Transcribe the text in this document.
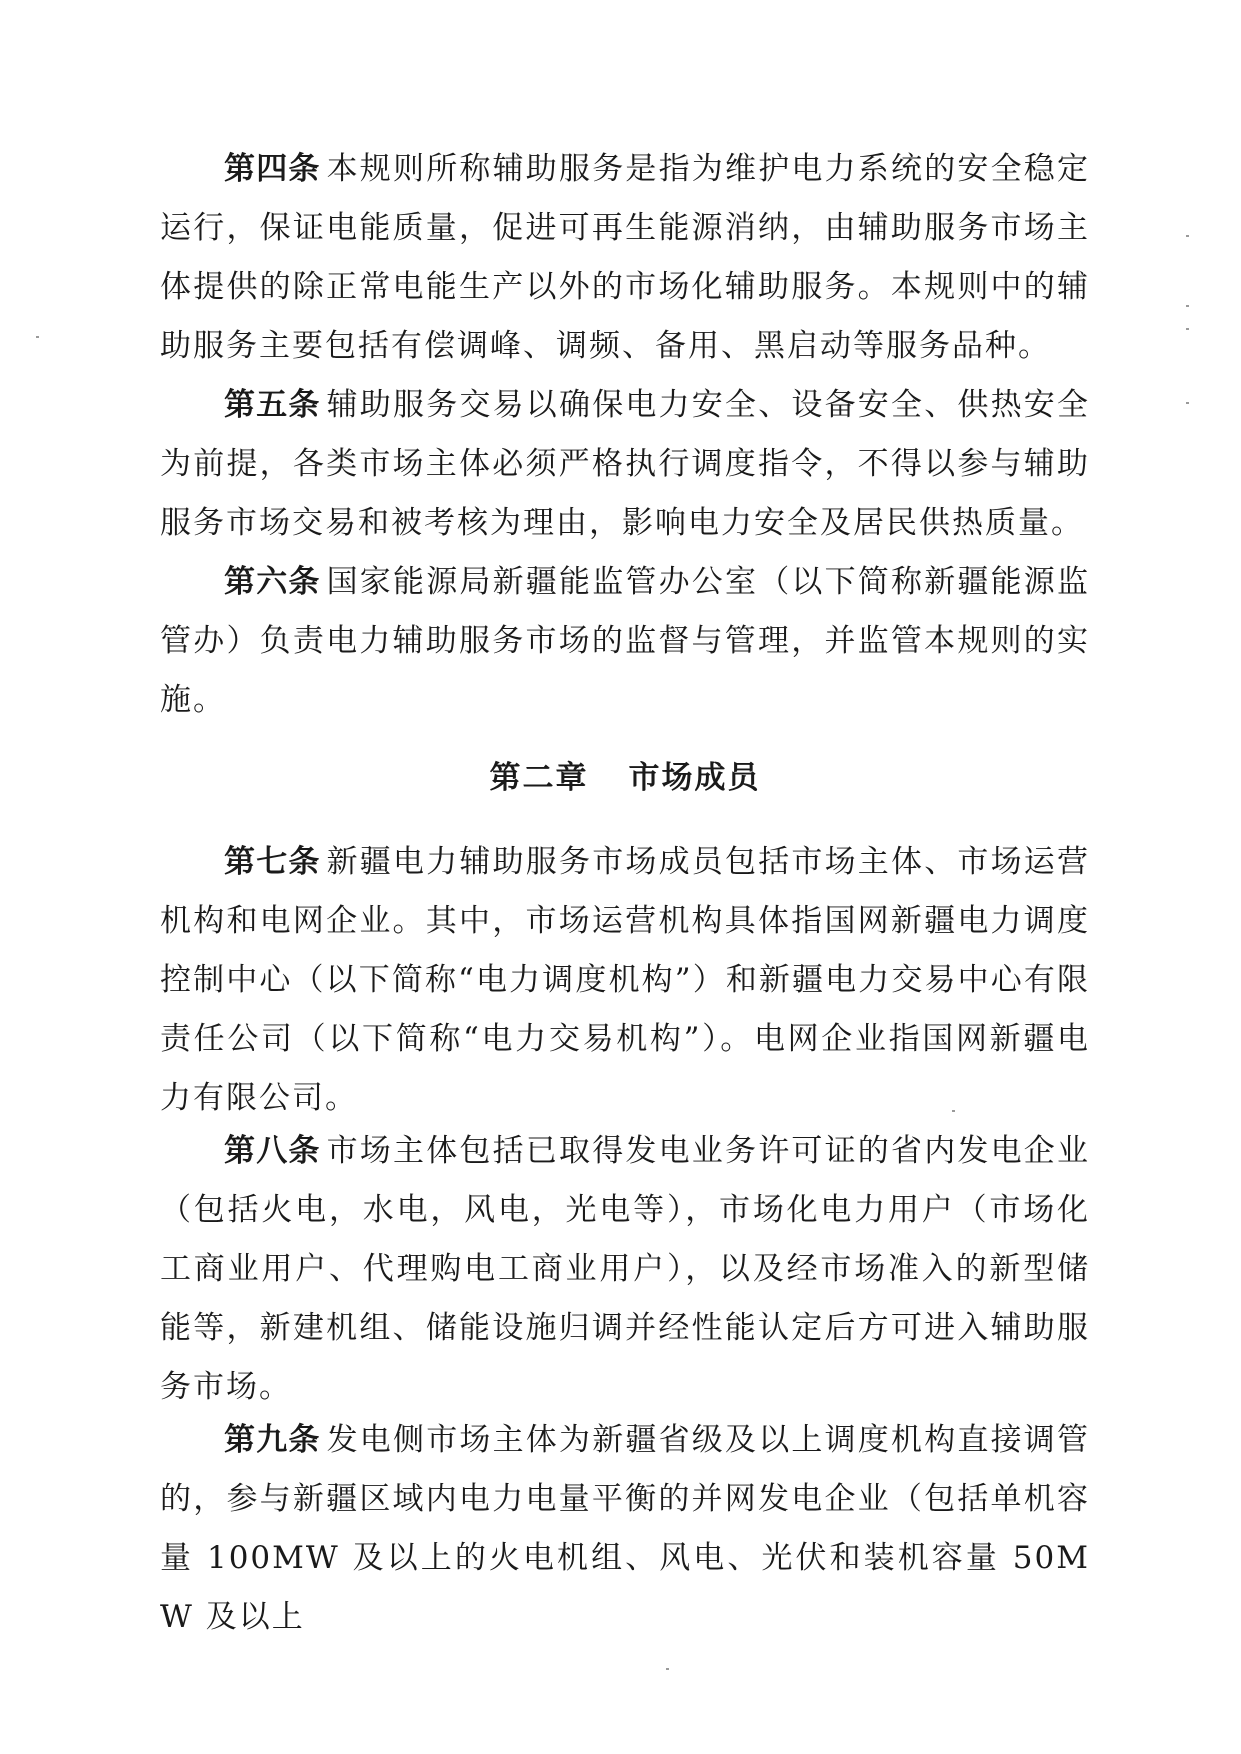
第四条 本规则所称辅助服务是指为维护电力系统的安全稳定运行，保证电能质量，促进可再生能源消纳，由辅助服务市场主体提供的除正常电能生产以外的市场化辅助服务。本规则中的辅助服务主要包括有偿调峰、调频、备用、黑启动等服务品种。

第五条 辅助服务交易以确保电力安全、设备安全、供热安全为前提，各类市场主体必须严格执行调度指令，不得以参与辅助服务市场交易和被考核为理由，影响电力安全及居民供热质量。

第六条 国家能源局新疆能监管办公室（以下简称新疆能源监管办）负责电力辅助服务市场的监督与管理，并监管本规则的实施。

第二章 市场成员

第七条 新疆电力辅助服务市场成员包括市场主体、市场运营机构和电网企业。其中，市场运营机构具体指国网新疆电力调度控制中心（以下简称“电力调度机构”）和新疆电力交易中心有限责任公司（以下简称“电力交易机构”）。电网企业指国网新疆电力有限公司。

第八条 市场主体包括已取得发电业务许可证的省内发电企业（包括火电，水电，风电，光电等），市场化电力用户（市场化工商业用户、代理购电工商业用户），以及经市场准入的新型储能等，新建机组、储能设施归调并经性能认定后方可进入辅助服务市场。

第九条 发电侧市场主体为新疆省级及以上调度机构直接调管的，参与新疆区域内电力电量平衡的并网发电企业（包括单机容量 100MW 及以上的火电机组、风电、光伏和装机容量 50MW 及以上
